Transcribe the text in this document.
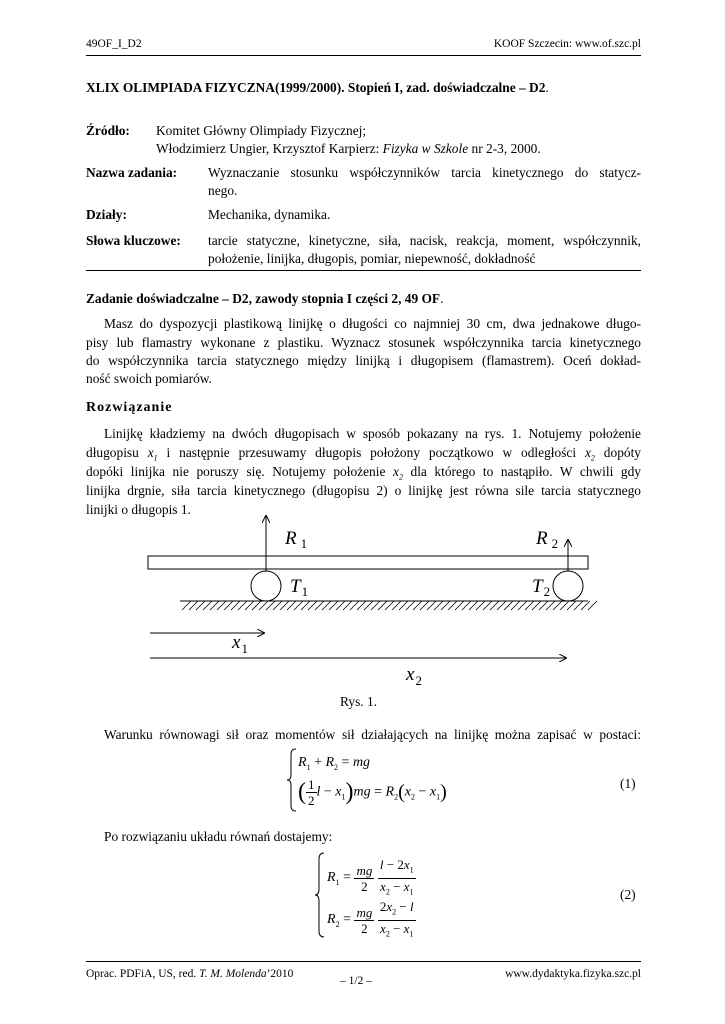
49OF_I_D2	KOOF Szczecin: www.of.szc.pl
XLIX OLIMPIADA FIZYCZNA(1999/2000). Stopień I, zad. doświadczalne – D2.
Źródło: Komitet Główny Olimpiady Fizycznej;
Włodzimierz Ungier, Krzysztof Karpierz: Fizyka w Szkole nr 2-3, 2000.
Nazwa zadania: Wyznaczanie stosunku współczynników tarcia kinetycznego do statycz-
nego.
Działy:	Mechanika, dynamika.
Słowa kluczowe: tarcie statyczne, kinetyczne, siła, nacisk, reakcja, moment, współczynnik,
położenie, linijka, długopis, pomiar, niepewność, dokładność
Zadanie doświadczalne – D2, zawody stopnia I części 2, 49 OF.
Masz do dyspozycji plastikową linijkę o długości co najmniej 30 cm, dwa jednakowe długo-
pisy lub flamastry wykonane z plastiku. Wyznacz stosunek współczynnika tarcia kinetycznego
do współczynnika tarcia statycznego między linijką i długopisem (flamastrem). Oceń dokład-
ność swoich pomiarów.
Rozwiązanie
Linijkę kładziemy na dwóch długopisach w sposób pokazany na rys. 1. Notujemy położenie
długopisu $x_1$ i następnie przesuwamy długopis położony początkowo w odległości $x_2$ dopóty
dopóki linijka nie poruszy się. Notujemy położenie $x_2$ dla którego to nastąpiło. W chwili gdy
linijka drgnie, siła tarcia kinetycznego (długopisu 2) o linijkę jest równa sile tarcia statycznego
linijki o długopis 1.
R $_1$	R $_2$
$T_1$	$T_2$
$x_1$
$x_2$
Rys. 1.
Warunku równowagi sił oraz momentów sił działających na linijkę można zapisać w postaci:
$R_1 + R_2$ = mg
( $\frac{1}{2}$ $l - x_1)mg = R_2(x_2 - x_1)$	(1)
Po rozwiązaniu układu równań dostajemy:
$R_1 = \frac{mg}{2}$
$\frac{l - 2x_1}{x_2 - x_1}$
$R_2 = \frac{mg}{2}$
$\frac{2x_2 - l}{x_2 - x_1}$
(2)
Oprac. PDFiA, US, red. T. M. Molenda’2010
– 1/2 –
www.dydaktyka.fizyka.szc.pl
